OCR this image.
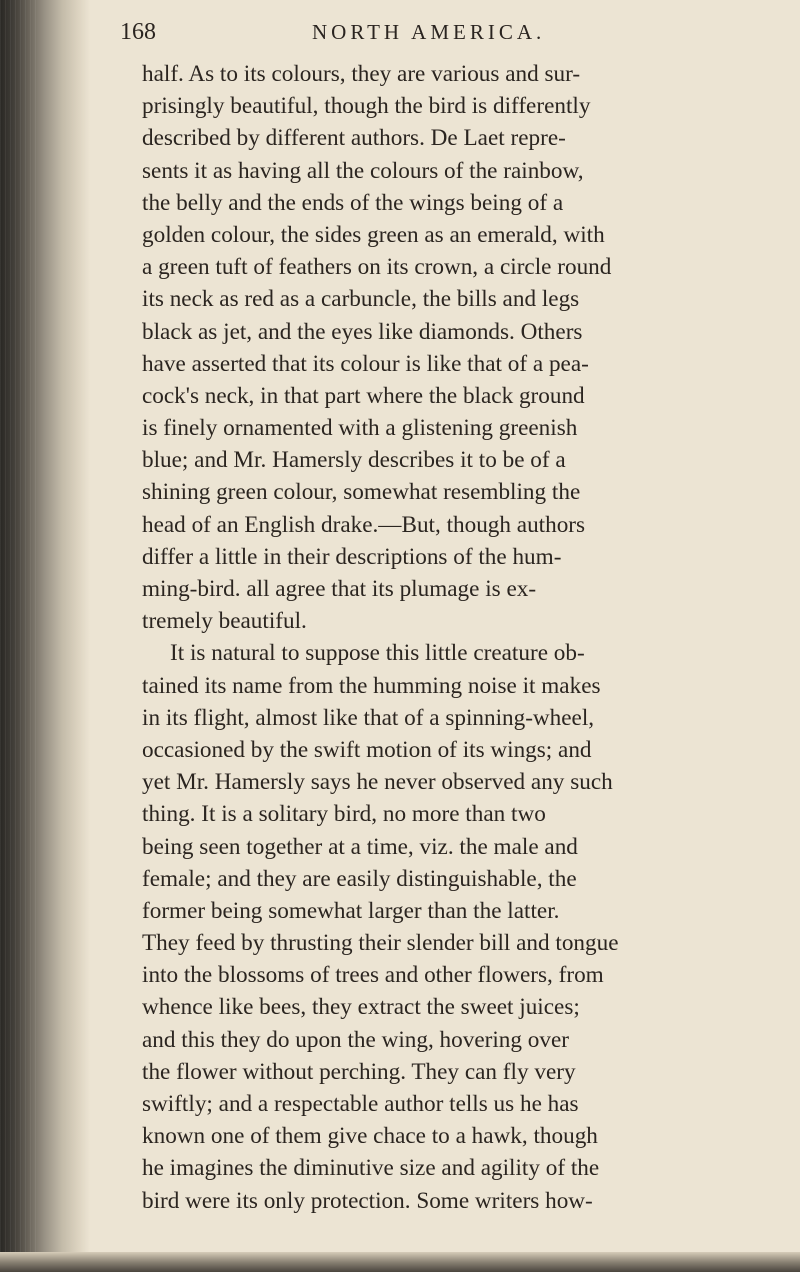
168	NORTH AMERICA.
half. As to its colours, they are various and sur-
prisingly beautiful, though the bird is differently
described by different authors. De Laet repre-
sents it as having all the colours of the rainbow,
the belly and the ends of the wings being of a
golden colour, the sides green as an emerald, with
a green tuft of feathers on its crown, a circle round
its neck as red as a carbuncle, the bills and legs
black as jet, and the eyes like diamonds. Others
have asserted that its colour is like that of a pea-
cock's neck, in that part where the black ground
is finely ornamented with a glistening greenish
blue; and Mr. Hamersly describes it to be of a
shining green colour, somewhat resembling the
head of an English drake.—But, though authors
differ a little in their descriptions of the hum-
ming-bird. all agree that its plumage is ex-
tremely beautiful.
It is natural to suppose this little creature ob-
tained its name from the humming noise it makes
in its flight, almost like that of a spinning-wheel,
occasioned by the swift motion of its wings; and
yet Mr. Hamersly says he never observed any such
thing. It is a solitary bird, no more than two
being seen together at a time, viz. the male and
female; and they are easily distinguishable, the
former being somewhat larger than the latter.
They feed by thrusting their slender bill and tongue
into the blossoms of trees and other flowers, from
whence like bees, they extract the sweet juices;
and this they do upon the wing, hovering over
the flower without perching. They can fly very
swiftly; and a respectable author tells us he has
known one of them give chace to a hawk, though
he imagines the diminutive size and agility of the
bird were its only protection. Some writers how-
